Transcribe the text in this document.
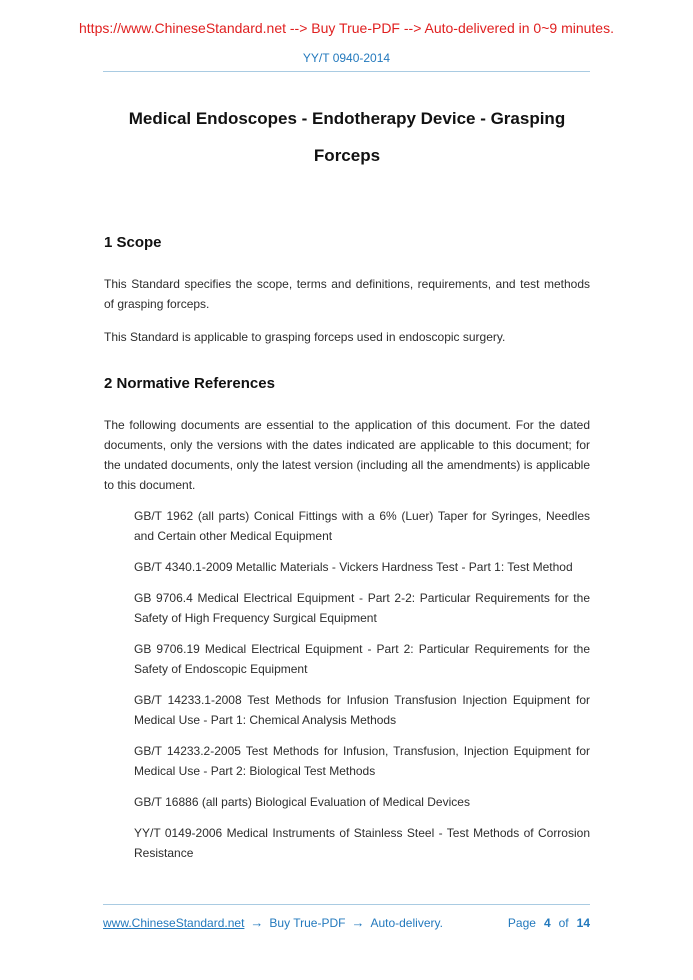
https://www.ChineseStandard.net --> Buy True-PDF --> Auto-delivered in 0~9 minutes.
YY/T 0940-2014
Medical Endoscopes - Endotherapy Device - Grasping
Forceps
1 Scope

This Standard specifies the scope, terms and definitions, requirements, and test methods of grasping forceps.

This Standard is applicable to grasping forceps used in endoscopic surgery.

2 Normative References

The following documents are essential to the application of this document. For the dated documents, only the versions with the dates indicated are applicable to this document; for the undated documents, only the latest version (including all the amendments) is applicable to this document.

GB/T 1962 (all parts) Conical Fittings with a 6% (Luer) Taper for Syringes, Needles and Certain other Medical Equipment

GB/T 4340.1-2009 Metallic Materials - Vickers Hardness Test - Part 1: Test Method

GB 9706.4 Medical Electrical Equipment - Part 2-2: Particular Requirements for the Safety of High Frequency Surgical Equipment

GB 9706.19 Medical Electrical Equipment - Part 2: Particular Requirements for the Safety of Endoscopic Equipment

GB/T 14233.1-2008 Test Methods for Infusion Transfusion Injection Equipment for Medical Use - Part 1: Chemical Analysis Methods

GB/T 14233.2-2005 Test Methods for Infusion, Transfusion, Injection Equipment for Medical Use - Part 2: Biological Test Methods

GB/T 16886 (all parts) Biological Evaluation of Medical Devices

YY/T 0149-2006 Medical Instruments of Stainless Steel - Test Methods of Corrosion Resistance

www.ChineseStandard.net → Buy True-PDF → Auto-delivery.	Page 4 of 14
